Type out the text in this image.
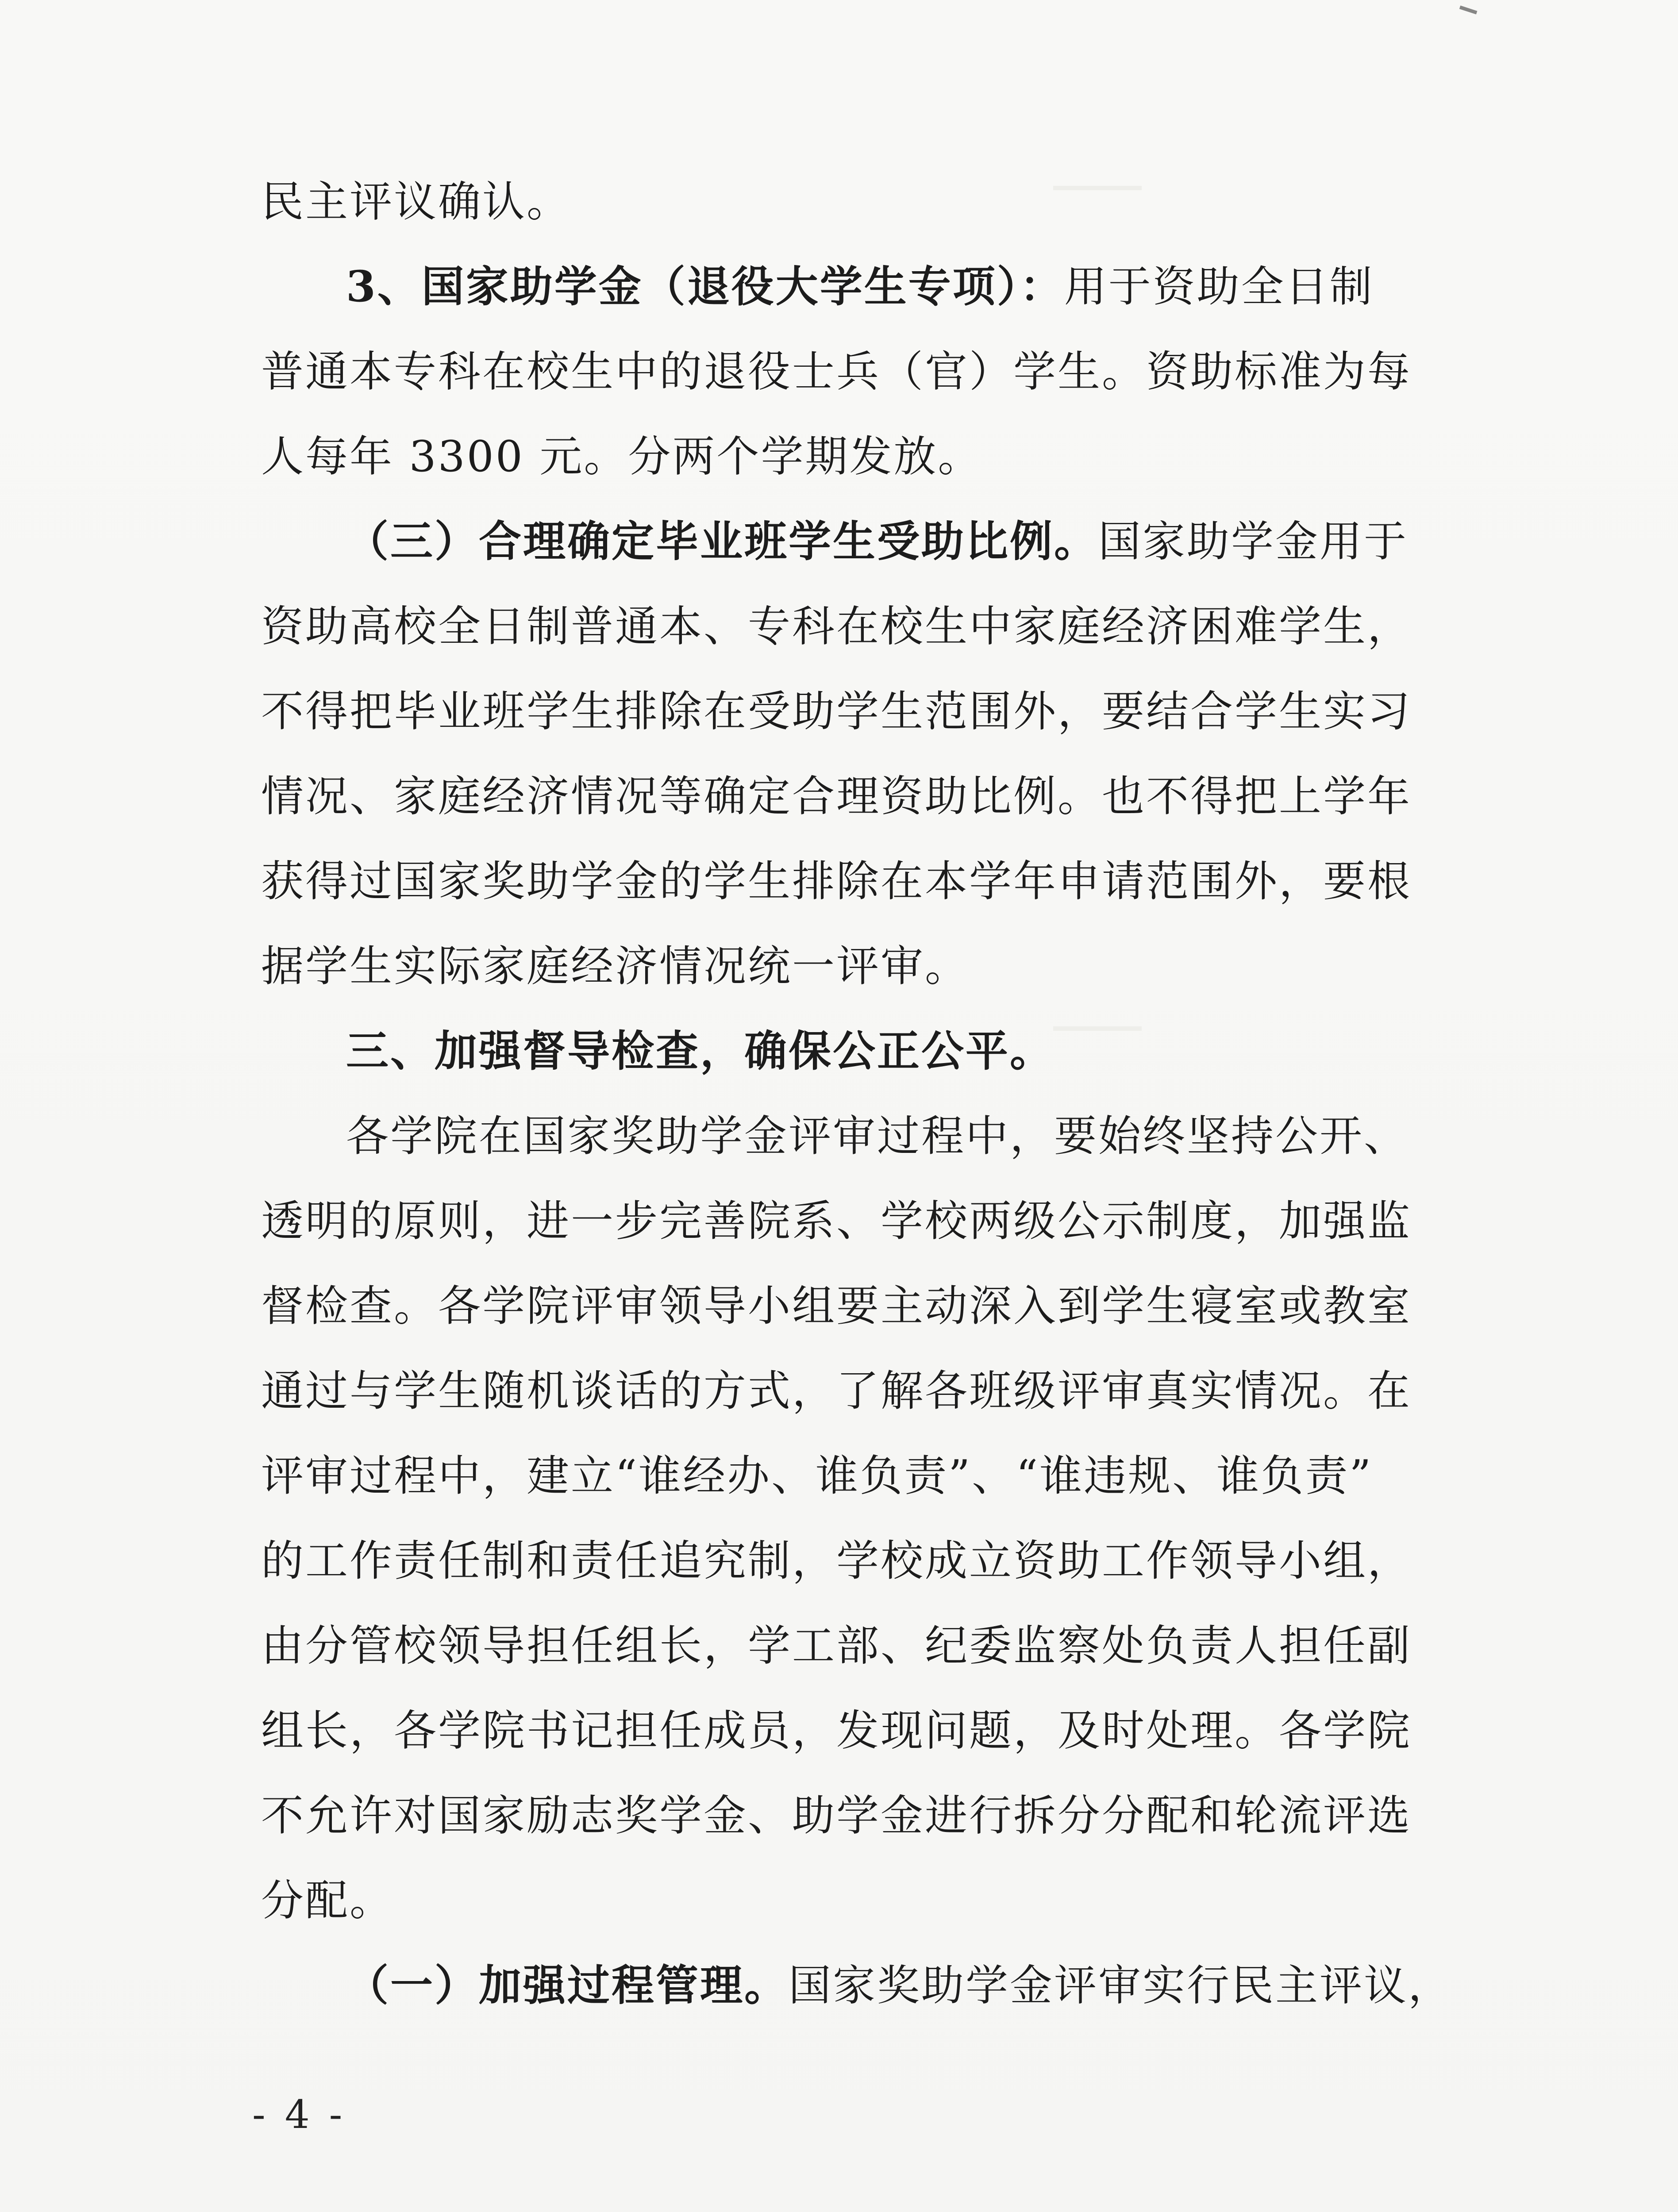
民主评议确认。

3、国家助学金（退役大学生专项）：用于资助全日制

普通本专科在校生中的退役士兵（官）学生。资助标准为每

人每年 3300 元。分两个学期发放。

（三）合理确定毕业班学生受助比例。国家助学金用于

资助高校全日制普通本、专科在校生中家庭经济困难学生，

不得把毕业班学生排除在受助学生范围外，要结合学生实习

情况、家庭经济情况等确定合理资助比例。也不得把上学年

获得过国家奖助学金的学生排除在本学年申请范围外，要根

据学生实际家庭经济情况统一评审。

三、加强督导检查，确保公正公平。

各学院在国家奖助学金评审过程中，要始终坚持公开、

透明的原则，进一步完善院系、学校两级公示制度，加强监

督检查。各学院评审领导小组要主动深入到学生寝室或教室

通过与学生随机谈话的方式，了解各班级评审真实情况。在

评审过程中，建立“谁经办、谁负责”、“谁违规、谁负责”

的工作责任制和责任追究制，学校成立资助工作领导小组，

由分管校领导担任组长，学工部、纪委监察处负责人担任副

组长，各学院书记担任成员，发现问题，及时处理。各学院

不允许对国家励志奖学金、助学金进行拆分分配和轮流评选

分配。

（一）加强过程管理。国家奖助学金评审实行民主评议，

- 4 -
